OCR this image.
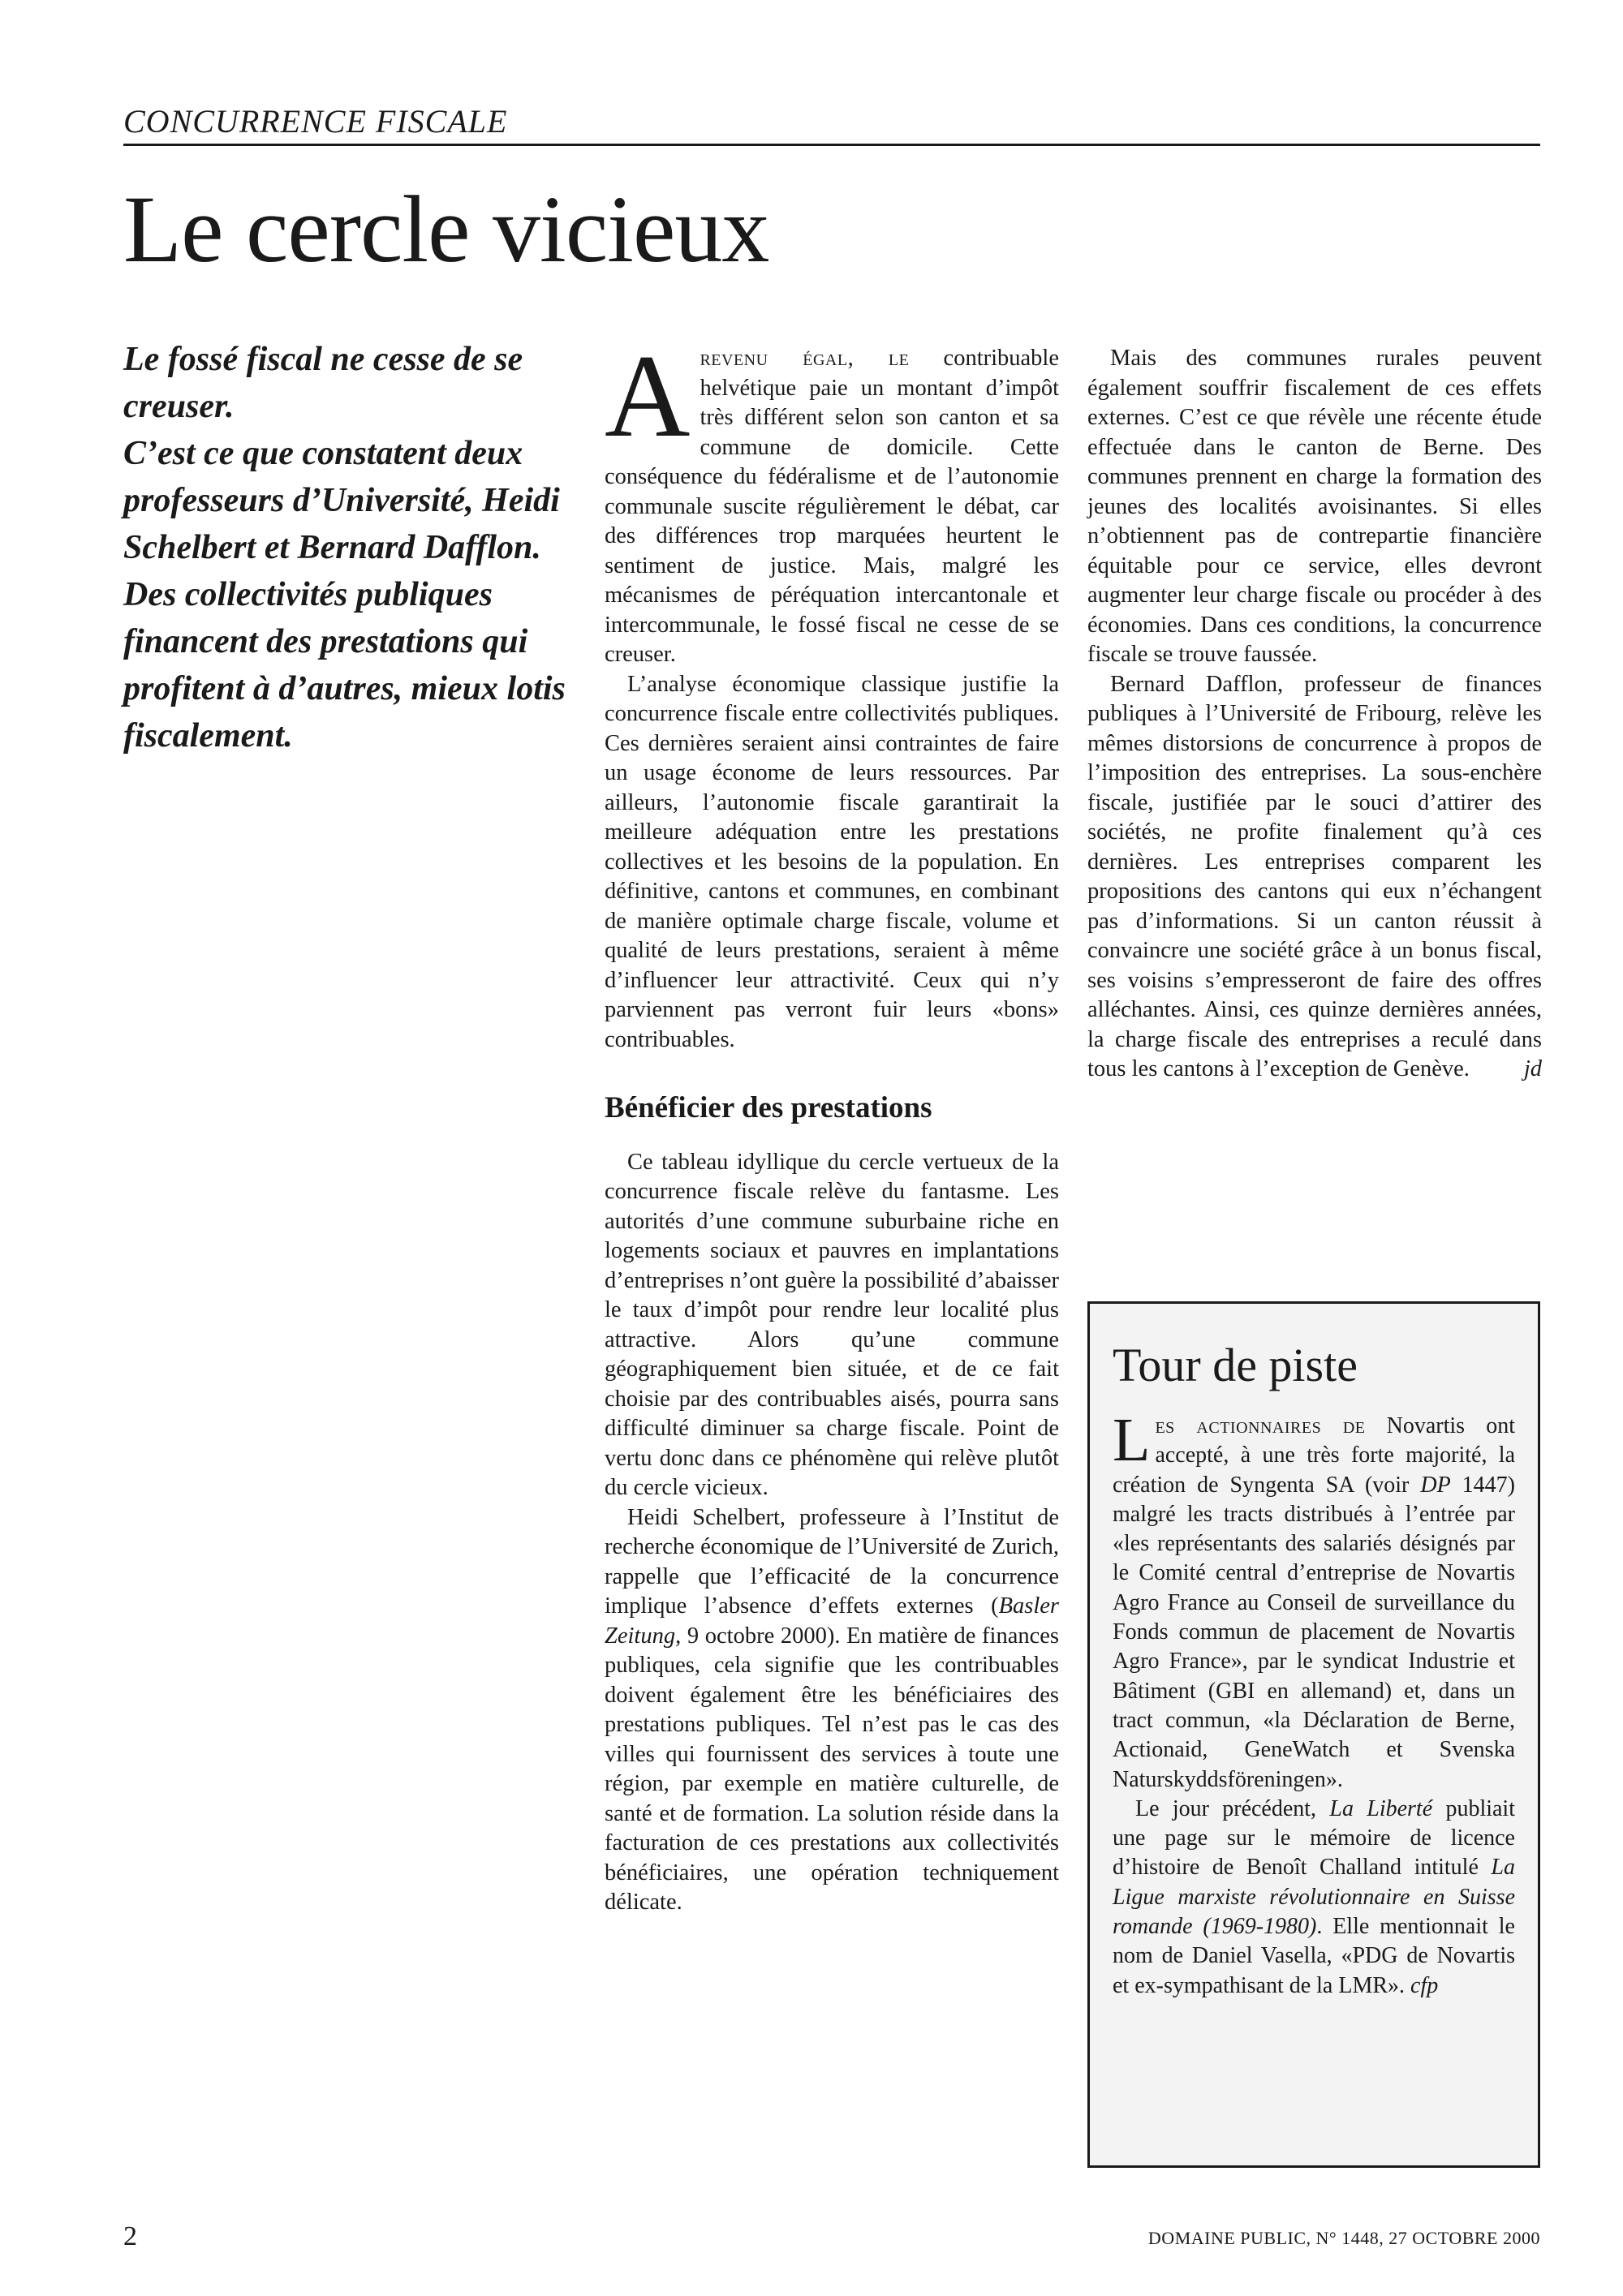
CONCURRENCE FISCALE
Le cercle vicieux

Le fossé fiscal ne cesse de se creuser.

C’est ce que constatent deux professeurs d’Université, Heidi Schelbert et Bernard Dafflon.

Des collectivités publiques financent des prestations qui profitent à d’autres, mieux lotis fiscalement.

Arevenu égal, le contribuable helvétique paie un montant d’impôt très différent selon son canton et sa commune de domicile. Cette conséquence du fédéralisme et de l’autonomie communale suscite régulièrement le débat, car des différences trop marquées heurtent le sentiment de justice. Mais, malgré les mécanismes de péréquation intercantonale et intercommunale, le fossé fiscal ne cesse de se creuser.

L’analyse économique classique justifie la concurrence fiscale entre collectivités publiques. Ces dernières seraient ainsi contraintes de faire un usage économe de leurs ressources. Par ailleurs, l’autonomie fiscale garantirait la meilleure adéquation entre les prestations collectives et les besoins de la population. En définitive, cantons et communes, en combinant de manière optimale charge fiscale, volume et qualité de leurs prestations, seraient à même d’influencer leur attractivité. Ceux qui n’y parviennent pas verront fuir leurs «bons» contribuables.

Bénéficier des prestations

Ce tableau idyllique du cercle vertueux de la concurrence fiscale relève du fantasme. Les autorités d’une commune suburbaine riche en logements sociaux et pauvres en implantations d’entreprises n’ont guère la possibilité d’abaisser le taux d’impôt pour rendre leur localité plus attractive. Alors qu’une commune géographiquement bien située, et de ce fait choisie par des contribuables aisés, pourra sans difficulté diminuer sa charge fiscale. Point de vertu donc dans ce phénomène qui relève plutôt du cercle vicieux.

Heidi Schelbert, professeure à l’Institut de recherche économique de l’Université de Zurich, rappelle que l’efficacité de la concurrence implique l’absence d’effets externes (Basler Zeitung, 9 octobre 2000). En matière de finances publiques, cela signifie que les contribuables doivent également être les bénéficiaires des prestations publiques. Tel n’est pas le cas des villes qui fournissent des services à toute une région, par exemple en matière culturelle, de santé et de formation. La solution réside dans la facturation de ces prestations aux collectivités bénéficiaires, une opération techniquement délicate.

Mais des communes rurales peuvent également souffrir fiscalement de ces effets externes. C’est ce que révèle une récente étude effectuée dans le canton de Berne. Des communes prennent en charge la formation des jeunes des localités avoisinantes. Si elles n’obtiennent pas de contrepartie financière équitable pour ce service, elles devront augmenter leur charge fiscale ou procéder à des économies. Dans ces conditions, la concurrence fiscale se trouve faussée.

Bernard Dafflon, professeur de finances publiques à l’Université de Fribourg, relève les mêmes distorsions de concurrence à propos de l’imposition des entreprises. La sous-enchère fiscale, justifiée par le souci d’attirer des sociétés, ne profite finalement qu’à ces dernières. Les entreprises comparent les propositions des cantons qui eux n’échangent pas d’informations. Si un canton réussit à convaincre une société grâce à un bonus fiscal, ses voisins s’empresseront de faire des offres alléchantes. Ainsi, ces quinze dernières années, la charge fiscale des entreprises a reculé dans tous les cantons à l’exception de Genève.	jd

Tour de piste

Les actionnaires de Novartis ont accepté, à une très forte majorité, la création de Syngenta SA (voir DP 1447) malgré les tracts distribués à l’entrée par «les représentants des salariés désignés par le Comité central d’entreprise de Novartis Agro France au Conseil de surveillance du Fonds commun de placement de Novartis Agro France», par le syndicat Industrie et Bâtiment (GBI en allemand) et, dans un tract commun, «la Déclaration de Berne, Actionaid, GeneWatch et Svenska Naturskyddsföreningen».

Le jour précédent, La Liberté publiait une page sur le mémoire de licence d’histoire de Benoît Challand intitulé La Ligue marxiste révolutionnaire en Suisse romande (1969-1980). Elle mentionnait le nom de Daniel Vasella, «PDG de Novartis et ex-sympathisant de la LMR». cfp

2	DOMAINE PUBLIC, N° 1448, 27 OCTOBRE 2000
